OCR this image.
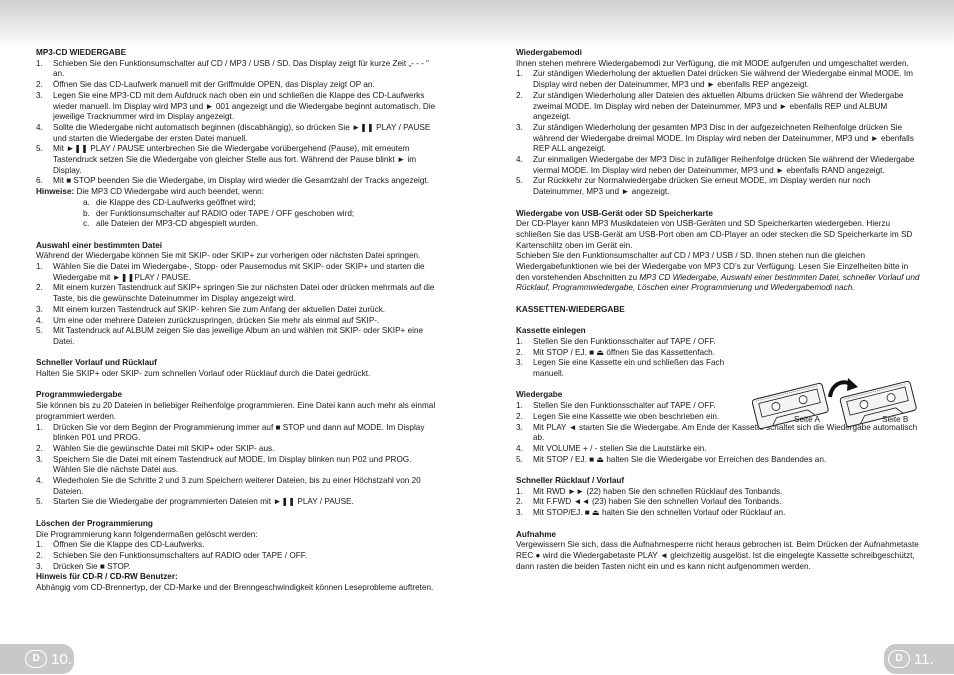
MP3-CD WIEDERGABE
1. Schieben Sie den Funktionsumschalter auf CD / MP3 / USB / SD. Das Display zeigt für kurze Zeit „- - - “ an.
2. Öffnen Sie das CD-Laufwerk manuell mit der Griffmulde OPEN, das Display zeigt OP an.
3. Legen Sie eine MP3-CD mit dem Aufdruck nach oben ein und schließen die Klappe des CD-Laufwerks wieder manuell. Im Display wird MP3 und ► 001 angezeigt und die Wiedergabe beginnt automatisch. Die jeweilige Tracknummer wird im Display angezeigt.
4. Sollte die Wiedergabe nicht automatisch beginnen (discabhängig), so drücken Sie ►❚❚ PLAY / PAUSE und starten die Wiedergabe der ersten Datei manuell.
5. Mit ►❚❚ PLAY / PAUSE unterbrechen Sie die Wiedergabe vorübergehend (Pause), mit erneutem Tastendruck setzen Sie die Wiedergabe von gleicher Stelle aus fort. Während der Pause blinkt ► im Display.
6. Mit ■ STOP beenden Sie die Wiedergabe, im Display wird wieder die Gesamtzahl der Tracks angezeigt.
Hinweise: Die MP3 CD Wiedergabe wird auch beendet, wenn:
a. die Klappe des CD-Laufwerks geöffnet wird;
b. der Funktionsumschalter auf RADIO oder TAPE / OFF geschoben wird;
c. alle Dateien der MP3-CD abgespielt wurden.
Auswahl einer bestimmten Datei
Während der Wiedergabe können Sie mit SKIP- oder SKIP+ zur vorherigen oder nächsten Datei springen.
1. Wählen Sie die Datei im Wiedergabe-, Stopp- oder Pausemodus mit SKIP- oder SKIP+ und starten die Wiedergabe mit ►❚❚PLAY / PAUSE.
2. Mit einem kurzen Tastendruck auf SKIP+ springen Sie zur nächsten Datei oder drücken mehrmals auf die Taste, bis die gewünschte Dateinummer im Display angezeigt wird.
3. Mit einem kurzen Tastendruck auf SKIP- kehren Sie zum Anfang der aktuellen Datei zurück.
4. Um eine oder mehrere Dateien zurückzuspringen, drücken Sie mehr als einmal auf SKIP-.
5. Mit Tastendruck auf ALBUM zeigen Sie das jeweilige Album an und wählen mit SKIP- oder SKIP+ eine Datei.
Schneller Vorlauf und Rücklauf
Halten Sie SKIP+ oder SKIP- zum schnellen Vorlauf oder Rücklauf durch die Datei gedrückt.
Programmwiedergabe
Sie können bis zu 20 Dateien in beliebiger Reihenfolge programmieren. Eine Datei kann auch mehr als einmal programmiert werden.
1. Drücken Sie vor dem Beginn der Programmierung immer auf ■ STOP und dann auf MODE. Im Display blinken P01 und PROG.
2. Wählen Sie die gewünschte Datei mit SKIP+ oder SKIP- aus.
3. Speichern Sie die Datei mit einem Tastendruck auf MODE. Im Display blinken nun P02 und PROG. Wählen Sie die nächste Datei aus.
4. Wiederholen Sie die Schritte 2 und 3 zum Speichern weiterer Dateien, bis zu einer Höchstzahl von 20 Dateien.
5. Starten Sie die Wiedergabe der programmierten Dateien mit ►❚❚ PLAY / PAUSE.
Löschen der Programmierung
Die Programmierung kann folgendermaßen gelöscht werden:
1. Öffnen Sie die Klappe des CD-Laufwerks.
2. Schieben Sie den Funktionsumschalters auf RADIO oder TAPE / OFF.
3. Drücken Sie ■ STOP.
Hinweis für CD-R / CD-RW Benutzer:
Abhängig vom CD-Brennertyp, der CD-Marke und der Brenngeschwindigkeit können Leseprobleme auftreten.
Wiedergabemodi
Ihnen stehen mehrere Wiedergabemodi zur Verfügung, die mit MODE aufgerufen und umgeschaltet werden.
1. Zur ständigen Wiederholung der aktuellen Datei drücken Sie während der Wiedergabe einmal MODE. Im Display wird neben der Dateinummer, MP3 und ► ebenfalls REP angezeigt.
2. Zur ständigen Wiederholung aller Dateien des aktuellen Albums drücken Sie während der Wiedergabe zweimal MODE. Im Display wird neben der Dateinummer, MP3 und ► ebenfalls REP und ALBUM angezeigt.
3. Zur ständigen Wiederholung der gesamten MP3 Disc in der aufgezeichneten Reihenfolge drücken Sie während der Wiedergabe dreimal MODE. Im Display wird neben der Dateinummer, MP3 und ► ebenfalls REP ALL angezeigt.
4. Zur einmaligen Wiedergabe der MP3 Disc in zufälliger Reihenfolge drücken Sie während der Wiedergabe viermal MODE. Im Display wird neben der Dateinummer, MP3 und ► ebenfalls RAND angezeigt.
5. Zur Rückkehr zur Normalwiedergabe drücken Sie erneut MODE, im Display werden nur noch Dateinummer, MP3 und ► angezeigt.
Wiedergabe von USB-Gerät oder SD Speicherkarte
Der CD-Player kann MP3 Musikdateien von USB-Geräten und SD Speicherkarten wiedergeben. Hierzu schließen Sie das USB-Gerät am USB-Port oben am CD-Player an oder stecken die SD Speicherkarte im SD Kartenschlitz oben im Gerät ein.
Schieben Sie den Funktionsumschalter auf CD / MP3 / USB / SD. Ihnen stehen nun die gleichen Wiedergabefunktionen wie bei der Wiedergabe von MP3 CD’s zur Verfügung. Lesen Sie Einzelheiten bitte in den vorstehenden Abschnitten zu MP3 CD Wiedergabe, Auswahl einer bestimmten Datei, schneller Vorlauf und Rücklauf, Programmwiedergabe, Löschen einer Programmierung und Wiedergabemodi nach.
KASSETTEN-WIEDERGABE
Kassette einlegen
1. Stellen Sie den Funktionsschalter auf TAPE / OFF.
2. Mit STOP / EJ. ■ ⏏ öffnen Sie das Kassettenfach.
3. Legen Sie eine Kassette ein und schließen das Fach manuell.
Wiedergabe
1. Stellen Sie den Funktionsschalter auf TAPE / OFF.
2. Legen Sie eine Kassette wie oben beschrieben ein.
3. Mit PLAY ◄ starten Sie die Wiedergabe. Am Ende der Kassette schaltet sich die Wiedergabe automatisch ab.
4. Mit VOLUME + / - stellen Sie die Lautstärke ein.
5. Mit STOP / EJ. ■ ⏏ halten Sie die Wiedergabe vor Erreichen des Bandendes an.
Schneller Rücklauf / Vorlauf
1. Mit RWD ►► (22) haben Sie den schnellen Rücklauf des Tonbands.
2. Mit F.FWD ◄◄ (23) haben Sie den schnellen Vorlauf des Tonbands.
3. Mit STOP/EJ. ■ ⏏ halten Sie den schnellen Vorlauf oder Rücklauf an.
Aufnahme
Vergewissern Sie sich, dass die Aufnahmesperre nicht heraus gebrochen ist. Beim Drücken der Aufnahmetaste REC ● wird die Wiedergabetaste PLAY ◄ gleichzeitig ausgelöst. Ist die eingelegte Kassette schreibgeschützt, dann rasten die beiden Tasten nicht ein und es kann nicht aufgenommen werden.
Seite A	Seite B
D 10.	D 11.
